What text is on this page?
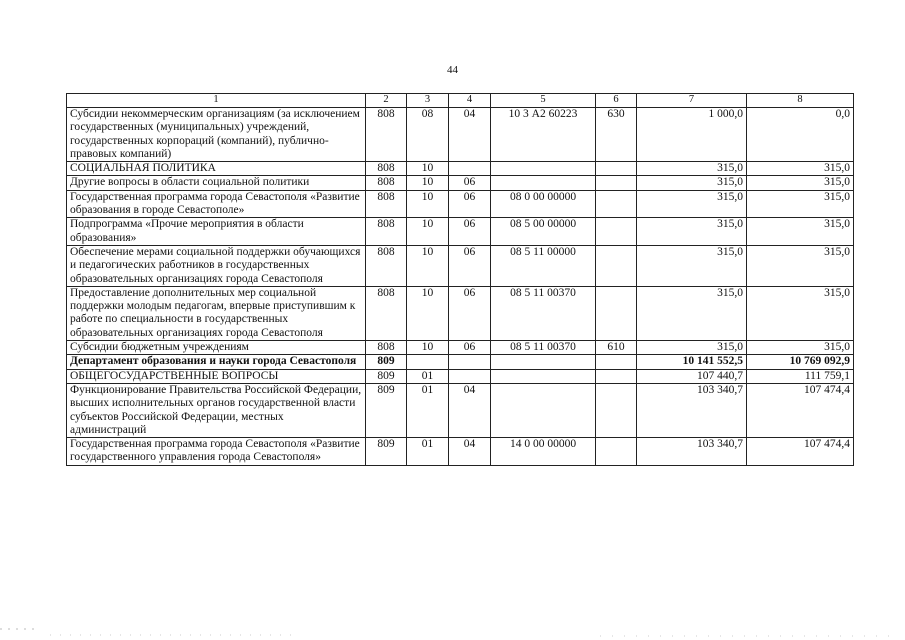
44
1	2	3	4	5	6	7	8
Субсидии некоммерческим организациям (за исключением государственных (муниципальных) учреждений, государственных корпораций (компаний), публично-правовых компаний)	808	08	04	10 3 А2 60223	630	1 000,0	0,0
СОЦИАЛЬНАЯ ПОЛИТИКА	808	10				315,0	315,0
Другие вопросы в области социальной политики	808	10	06			315,0	315,0
Государственная программа города Севастополя «Развитие образования в городе Севастополе»	808	10	06	08 0 00 00000		315,0	315,0
Подпрограмма «Прочие мероприятия в области образования»	808	10	06	08 5 00 00000		315,0	315,0
Обеспечение мерами социальной поддержки обучающихся и педагогических работников в государственных образовательных организациях города Севастополя	808	10	06	08 5 11 00000		315,0	315,0
Предоставление дополнительных мер социальной поддержки молодым педагогам, впервые приступившим к работе по специальности в государственных образовательных организациях города Севастополя	808	10	06	08 5 11 00370		315,0	315,0
Субсидии бюджетным учреждениям	808	10	06	08 5 11 00370	610	315,0	315,0
Департамент образования и науки города Севастополя	809					10 141 552,5	10 769 092,9
ОБЩЕГОСУДАРСТВЕННЫЕ ВОПРОСЫ	809	01				107 440,7	111 759,1
Функционирование Правительства Российской Федерации, высших исполнительных органов государственной власти субъектов Российской Федерации, местных администраций	809	01	04			103 340,7	107 474,4
Государственная программа города Севастополя «Развитие государственного управления города Севастополя»	809	01	04	14 0 00 00000		103 340,7	107 474,4
